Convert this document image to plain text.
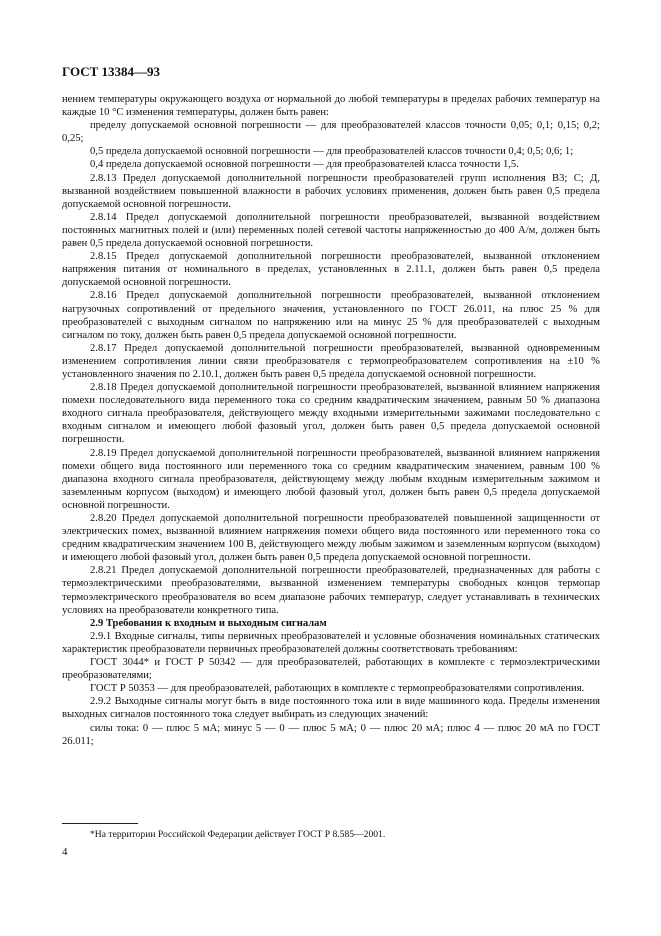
ГОСТ 13384—93

нением температуры окружающего воздуха от нормальной до любой температуры в пределах рабочих температур на каждые 10 °С изменения температуры, должен быть равен:

пределу допускаемой основной погрешности — для преобразователей классов точности 0,05; 0,1; 0,15; 0,2; 0,25;

0,5 предела допускаемой основной погрешности — для преобразователей классов точности 0,4; 0,5; 0,6; 1;

0,4 предела допускаемой основной погрешности — для преобразователей класса точности 1,5.

2.8.13 Предел допускаемой дополнительной погрешности преобразователей групп исполнения В3; С; Д, вызванной воздействием повышенной влажности в рабочих условиях применения, должен быть равен 0,5 предела допускаемой основной погрешности.

2.8.14 Предел допускаемой дополнительной погрешности преобразователей, вызванной воздействием постоянных магнитных полей и (или) переменных полей сетевой частоты напряженностью до 400 А/м, должен быть равен 0,5 предела допускаемой основной погрешности.

2.8.15 Предел допускаемой дополнительной погрешности преобразователей, вызванной отклонением напряжения питания от номинального в пределах, установленных в 2.11.1, должен быть равен 0,5 предела допускаемой основной погрешности.

2.8.16 Предел допускаемой дополнительной погрешности преобразователей, вызванной отклонением нагрузочных сопротивлений от предельного значения, установленного по ГОСТ 26.011, на плюс 25 % для преобразователей с выходным сигналом по напряжению или на минус 25 % для преобразователей с выходным сигналом по току, должен быть равен 0,5 предела допускаемой основной погрешности.

2.8.17 Предел допускаемой дополнительной погрешности преобразователей, вызванной одновременным изменением сопротивления линии связи преобразователя с термопреобразователем сопротивления на ±10 % установленного значения по 2.10.1, должен быть равен 0,5 предела допускаемой основной погрешности.

2.8.18 Предел допускаемой дополнительной погрешности преобразователей, вызванной влиянием напряжения помехи последовательного вида переменного тока со средним квадратическим значением, равным 50 % диапазона входного сигнала преобразователя, действующего между входными измерительными зажимами последовательно с входным сигналом и имеющего любой фазовый угол, должен быть равен 0,5 предела допускаемой основной погрешности.

2.8.19 Предел допускаемой дополнительной погрешности преобразователей, вызванной влиянием напряжения помехи общего вида постоянного или переменного тока со средним квадратическим значением, равным 100 % диапазона входного сигнала преобразователя, действующему между любым входным измерительным зажимом и заземленным корпусом (выходом) и имеющего любой фазовый угол, должен быть равен 0,5 предела допускаемой основной погрешности.

2.8.20 Предел допускаемой дополнительной погрешности преобразователей повышенной защищенности от электрических помех, вызванной влиянием напряжения помехи общего вида постоянного или переменного тока со средним квадратическим значением 100 В, действующего между любым зажимом и заземленным корпусом (выходом) и имеющего любой фазовый угол, должен быть равен 0,5 предела допускаемой основной погрешности.

2.8.21 Предел допускаемой дополнительной погрешности преобразователей, предназначенных для работы с термоэлектрическими преобразователями, вызванной изменением температуры свободных концов термопар термоэлектрического преобразователя во всем диапазоне рабочих температур, следует устанавливать в технических условиях на преобразователи конкретного типа.

2.9 Требования к входным и выходным сигналам

2.9.1 Входные сигналы, типы первичных преобразователей и условные обозначения номинальных статических характеристик преобразователи первичных преобразователей должны соответствовать требованиям:

ГОСТ 3044* и ГОСТ Р 50342 — для преобразователей, работающих в комплекте с термоэлектрическими преобразователями;

ГОСТ Р 50353 — для преобразователей, работающих в комплекте с термопреобразователями сопротивления.

2.9.2 Выходные сигналы могут быть в виде постоянного тока или в виде машинного кода. Пределы изменения выходных сигналов постоянного тока следует выбирать из следующих значений:

силы тока: 0 — плюс 5 мА; минус 5 — 0 — плюс 5 мА; 0 — плюс 20 мА; плюс 4 — плюс 20 мА по ГОСТ 26.011;

*На территории Российской Федерации действует ГОСТ Р 8.585—2001.
4
